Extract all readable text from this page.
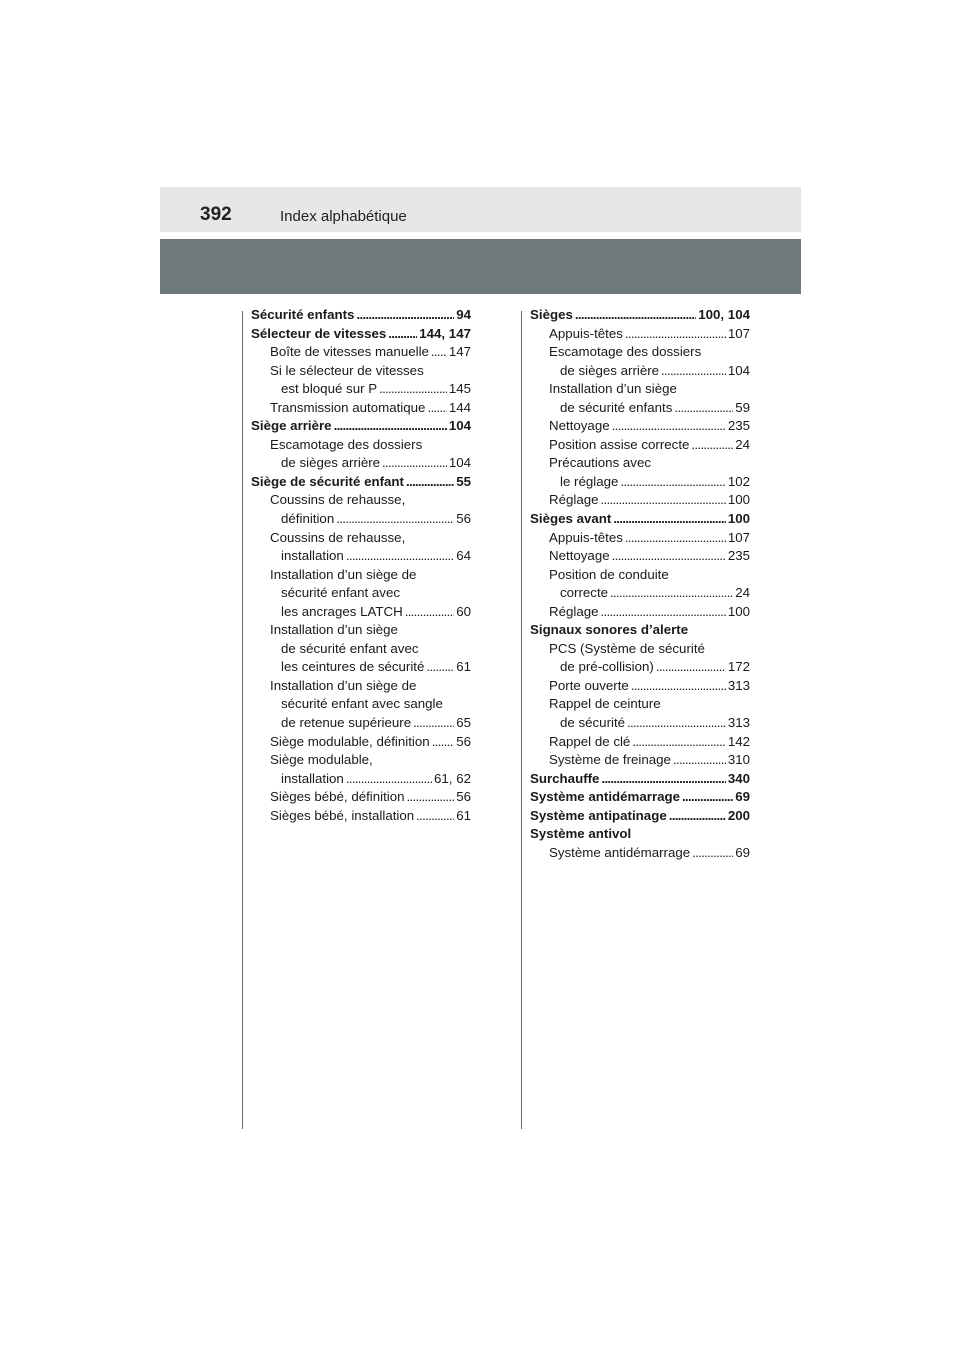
392	Index alphabétique
Sécurité enfants . . .	94
Sélecteur de vitesses . . . 144, 147
Boîte de vitesses manuelle . . . 147
Si le sélecteur de vitesses
est bloqué sur P . . .	145
Transmission automatique . . . 144
Siège arrière . . .	104
Escamotage des dossiers
de sièges arrière . . .	104
Siège de sécurité enfant . . .	55
Coussins de rehausse,
définition . . .	56
Coussins de rehausse,
installation . . .	64
Installation d’un siège de
sécurité enfant avec
les ancrages LATCH . . .	60
Installation d’un siège
de sécurité enfant avec
les ceintures de sécurité . . . 61
Installation d’un siège de
sécurité enfant avec sangle
de retenue supérieure . . .	65
Siège modulable, définition . . . 56
Siège modulable,
installation . . .	61, 62
Sièges bébé, définition . . .	56
Sièges bébé, installation . . .	61
Sièges . . .	100, 104
Appuis-têtes . . .	107
Escamotage des dossiers
de sièges arrière . . .	104
Installation d’un siège
de sécurité enfants . . .	59
Nettoyage . . .	235
Position assise correcte . . .	24
Précautions avec
le réglage . . .	102
Réglage . . .	100
Sièges avant . . .	100
Appuis-têtes . . .	107
Nettoyage . . .	235
Position de conduite
correcte . . .	24
Réglage . . .	100
Signaux sonores d’alerte
PCS (Système de sécurité
de pré-collision) . . .	172
Porte ouverte . . .	313
Rappel de ceinture
de sécurité . . .	313
Rappel de clé . . .	142
Système de freinage . . .	310
Surchauffe . . .	340
Système antidémarrage . . .	69
Système antipatinage . . .	200
Système antivol
Système antidémarrage . . .	69
